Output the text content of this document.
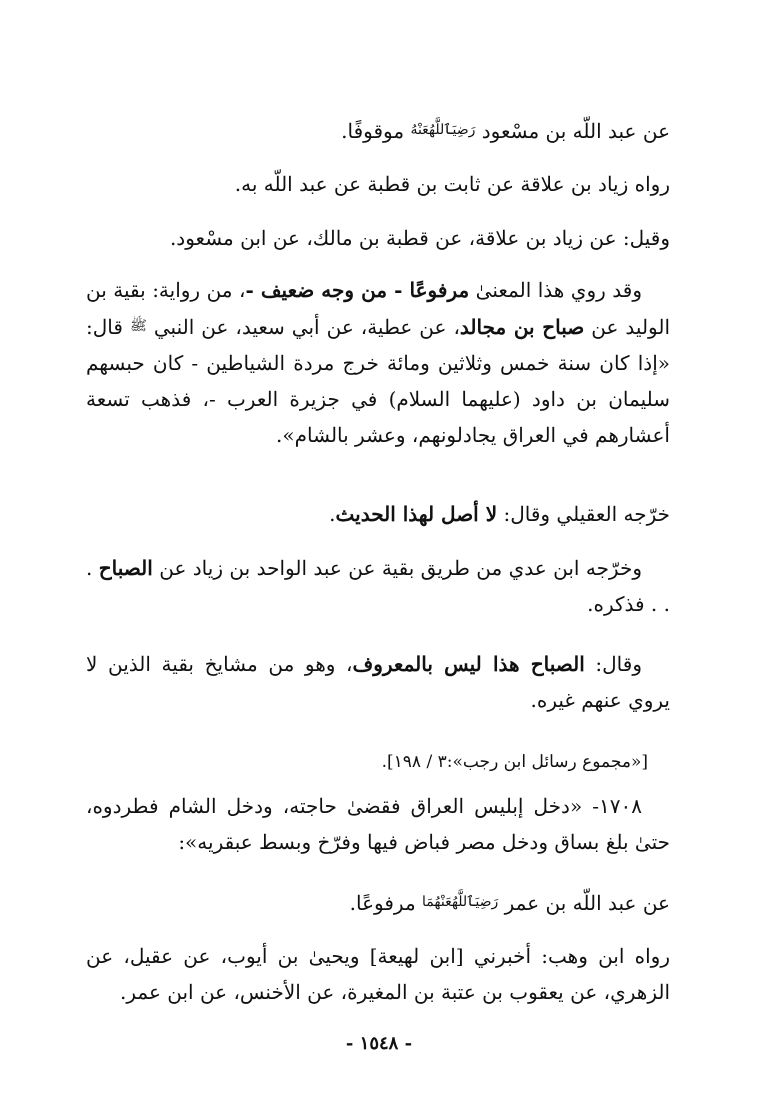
عن عبد اللّه بن مسْعود $^{رَضِيَٱللَّهُعَنْهُ}$ موقوفًا.

رواه زياد بن علاقة عن ثابت بن قطبة عن عبد اللّه به.

وقيل: عن زياد بن علاقة، عن قطبة بن مالك، عن ابن مسْعود.

وقد روي هذا المعنىٰ مرفوعًا - من وجه ضعيف -، من رواية: بقية بن الوليد عن صباح بن مجالد، عن عطية، عن أبي سعيد، عن النبي $^ﷺ$ قال: «إذا كان سنة خمس وثلاثين ومائة خرج مردة الشياطين - كان حبسهم سليمان بن داود (عليهما السلام) في جزيرة العرب -، فذهب تسعة أعشارهم في العراق يجادلونهم، وعشر بالشام».

خرّجه العقيلي وقال: لا أصل لهذا الحديث.

وخرّجه ابن عدي من طريق بقية عن عبد الواحد بن زياد عن الصباح . . . فذكره.

وقال: الصباح هذا ليس بالمعروف، وهو من مشايخ بقية الذين لا يروي عنهم غيره.

[«مجموع رسائل ابن رجب»:٣ / ١٩٨].

١٧٠٨- «دخل إبليس العراق فقضىٰ حاجته، ودخل الشام فطردوه، حتىٰ بلغ بساق ودخل مصر فباض فيها وفرّخ وبسط عبقريه»:

عن عبد اللّه بن عمر $^{رَضِيَٱللَّهُعَنْهُمَا}$ مرفوعًا.

رواه ابن وهب: أخبرني [ابن لهيعة] ويحيىٰ بن أيوب، عن عقيل، عن الزهري، عن يعقوب بن عتبة بن المغيرة، عن الأخنس، عن ابن عمر.

- ١٥٤٨ -
